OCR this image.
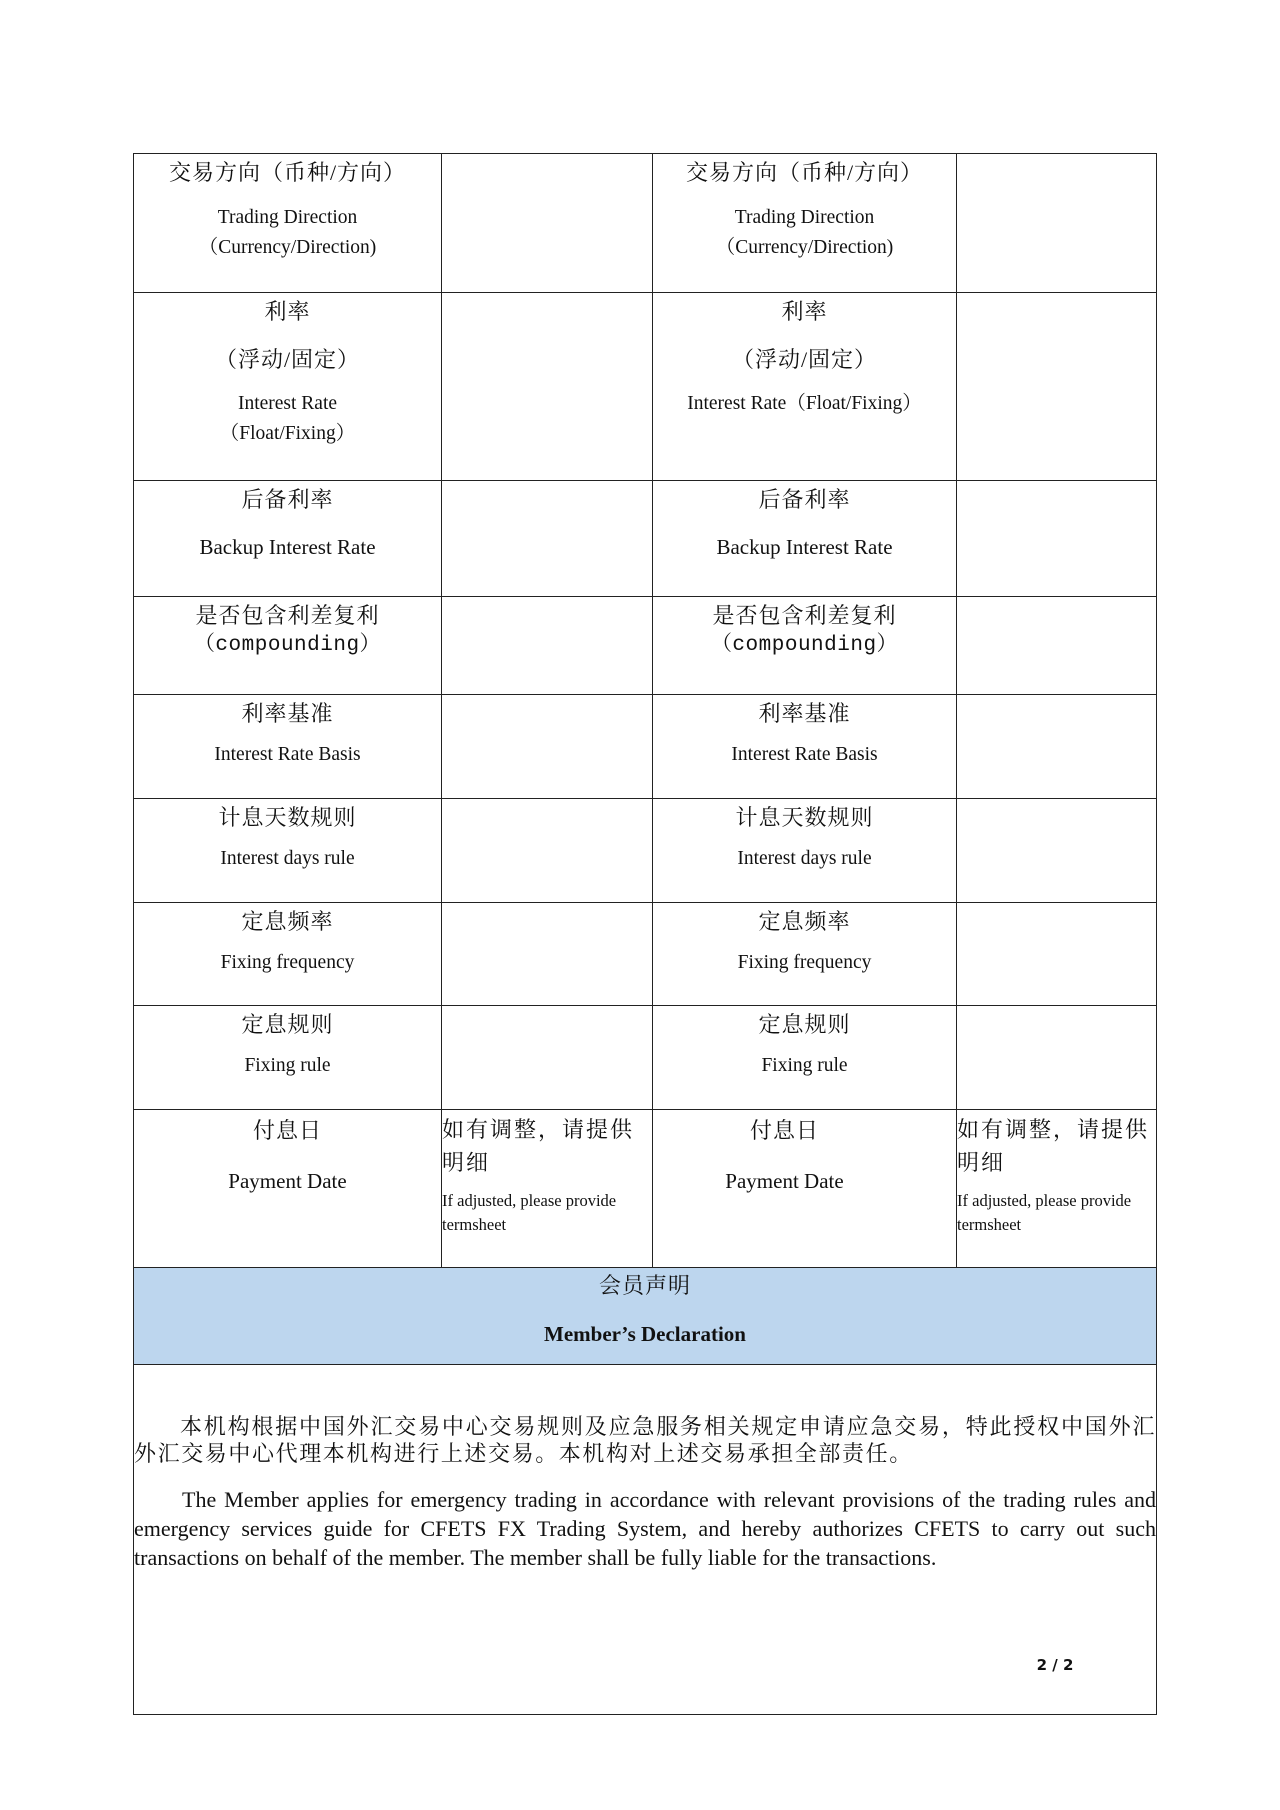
交易方向（币种/方向）
Trading Direction
（Currency/Direction)		交易方向（币种/方向）
Trading Direction
（Currency/Direction)	

利率
（浮动/固定）
Interest Rate
（Float/Fixing）		利率
（浮动/固定）
Interest Rate（Float/Fixing）	

后备利率
Backup Interest Rate		后备利率
Backup Interest Rate	

是否包含利差复利
（compounding）		是否包含利差复利
（compounding）	

利率基准
Interest Rate Basis		利率基准
Interest Rate Basis	

计息天数规则
Interest days rule		计息天数规则
Interest days rule	

定息频率
Fixing frequency		定息频率
Fixing frequency	

定息规则
Fixing rule		定息规则
Fixing rule	

付息日
Payment Date	如有调整，请提供明细
If adjusted, please provide termsheet	付息日
Payment Date	如有调整，请提供明细
If adjusted, please provide termsheet

会员声明
Member’s Declaration			

本机构根据中国外汇交易中心交易规则及应急服务相关规定申请应急交易，特此授权中国外汇外汇交易中心代理本机构进行上述交易。本机构对上述交易承担全部责任。

The Member applies for emergency trading in accordance with relevant provisions of the trading rules and emergency services guide for CFETS FX Trading System, and hereby authorizes CFETS to carry out such transactions on behalf of the member. The member shall be fully liable for the transactions.			

2 / 2
